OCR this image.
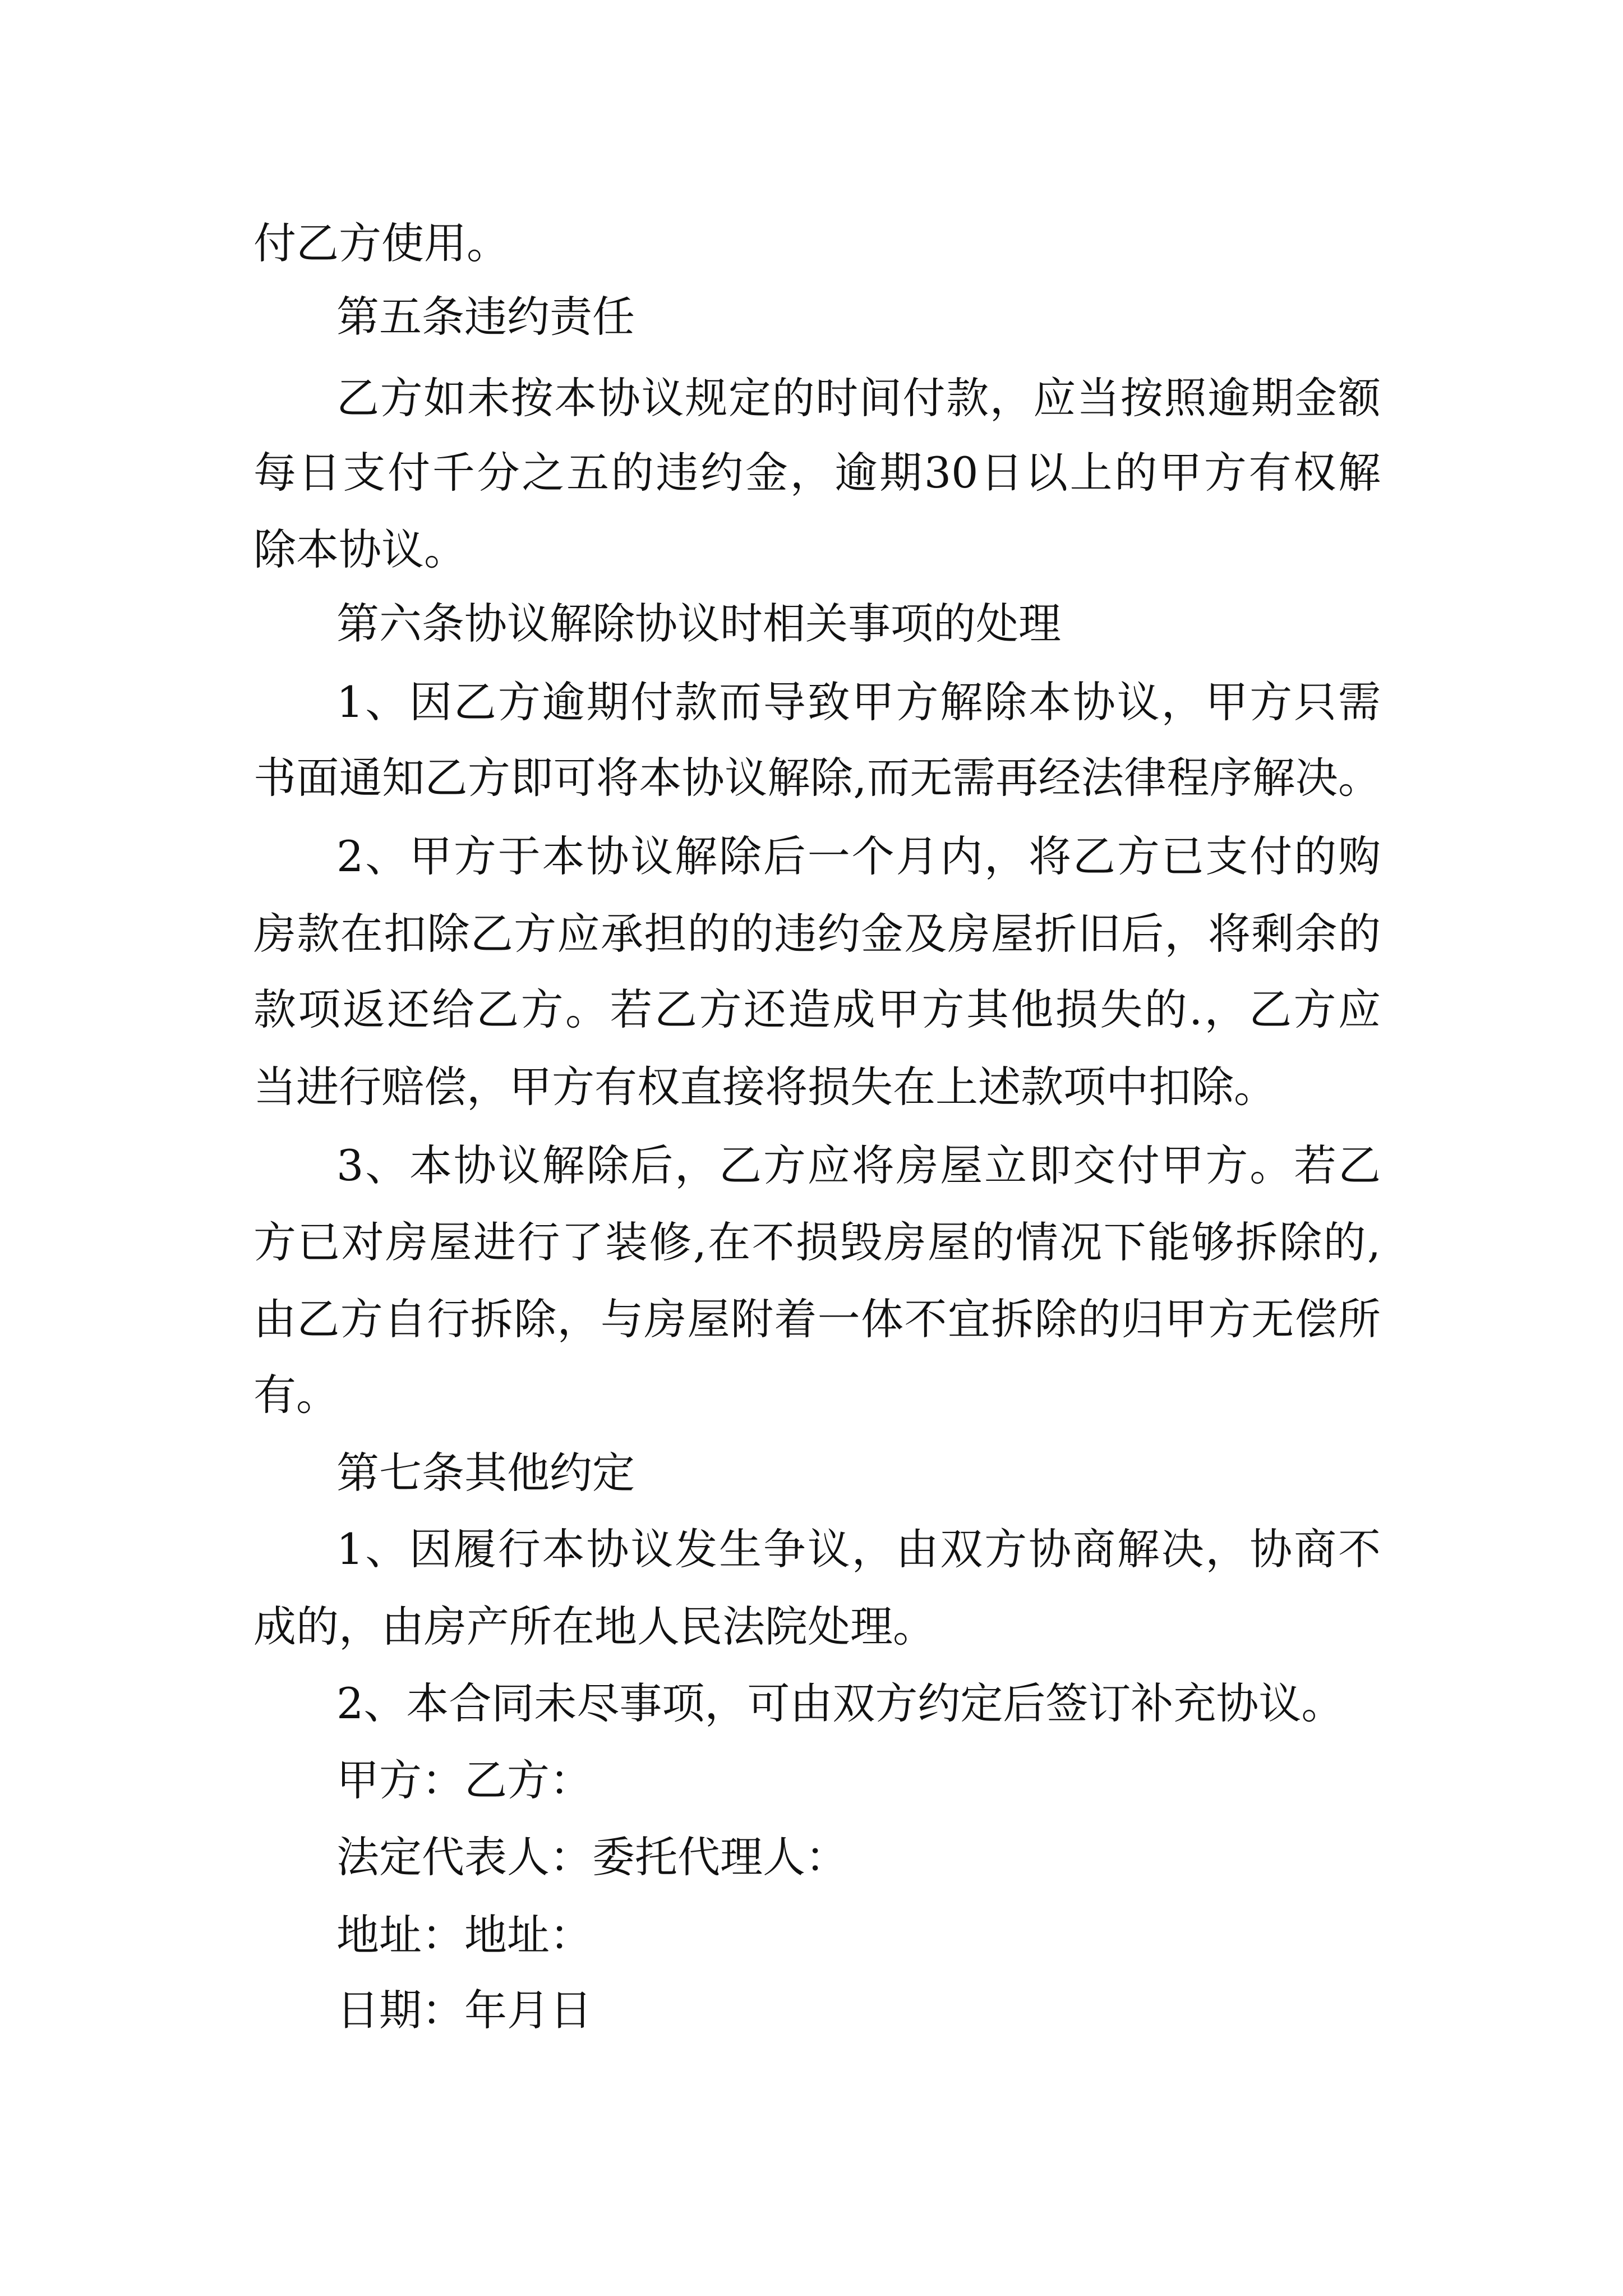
付乙方使用。

第五条违约责任

乙方如未按本协议规定的时间付款，应当按照逾期金额

每日支付千分之五的违约金，逾期30日以上的甲方有权解

除本协议。

第六条协议解除协议时相关事项的处理

1、因乙方逾期付款而导致甲方解除本协议，甲方只需

书面通知乙方即可将本协议解除,而无需再经法律程序解决。

2、甲方于本协议解除后一个月内，将乙方已支付的购

房款在扣除乙方应承担的的违约金及房屋折旧后，将剩余的

款项返还给乙方。若乙方还造成甲方其他损失的.，乙方应

当进行赔偿，甲方有权直接将损失在上述款项中扣除。

3、本协议解除后，乙方应将房屋立即交付甲方。若乙

方已对房屋进行了装修,在不损毁房屋的情况下能够拆除的,

由乙方自行拆除，与房屋附着一体不宜拆除的归甲方无偿所

有。

第七条其他约定

1、因履行本协议发生争议，由双方协商解决，协商不

成的，由房产所在地人民法院处理。

2、本合同未尽事项，可由双方约定后签订补充协议。

甲方：乙方：

法定代表人：委托代理人：

地址：地址：

日期：年月日
